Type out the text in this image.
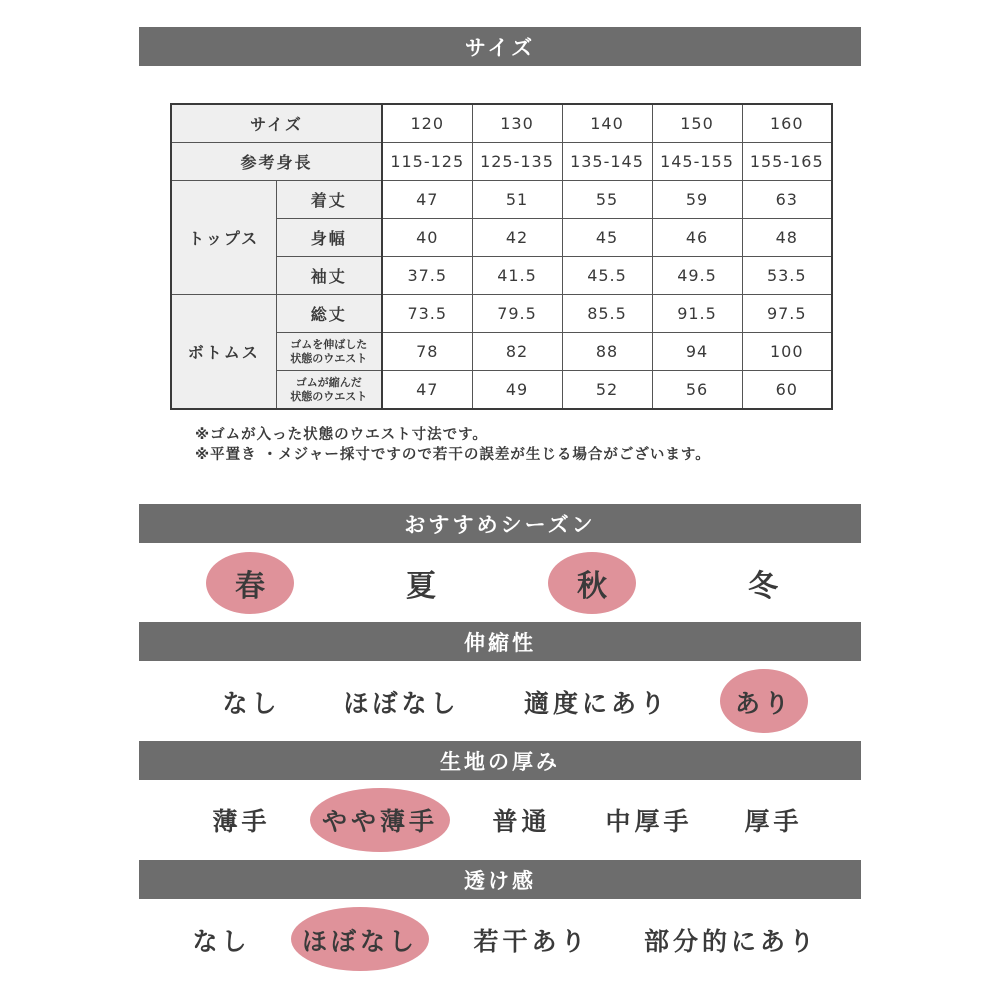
サイズ
サイズ		120	130	140	150	160
参考身長		115-125	125-135	135-145	145-155	155-165
トップス	着丈	47	51	55	59	63
	身幅	40	42	45	46	48
	袖丈	37.5	41.5	45.5	49.5	53.5
ボトムス	総丈	73.5	79.5	85.5	91.5	97.5
	ゴムを伸ばした
状態のウエスト	78	82	88	94	100
	ゴムが縮んだ
状態のウエスト	47	49	52	56	60
※ゴムが入った状態のウエスト寸法です。
※平置き ・メジャー採寸ですので若干の誤差が生じる場合がございます。
おすすめシーズン
春	夏	秋	冬
伸縮性
なし	ほぼなし	適度にあり	あり
生地の厚み
薄手	やや薄手	普通	中厚手	厚手
透け感
なし	ほぼなし	若干あり	部分的にあり
